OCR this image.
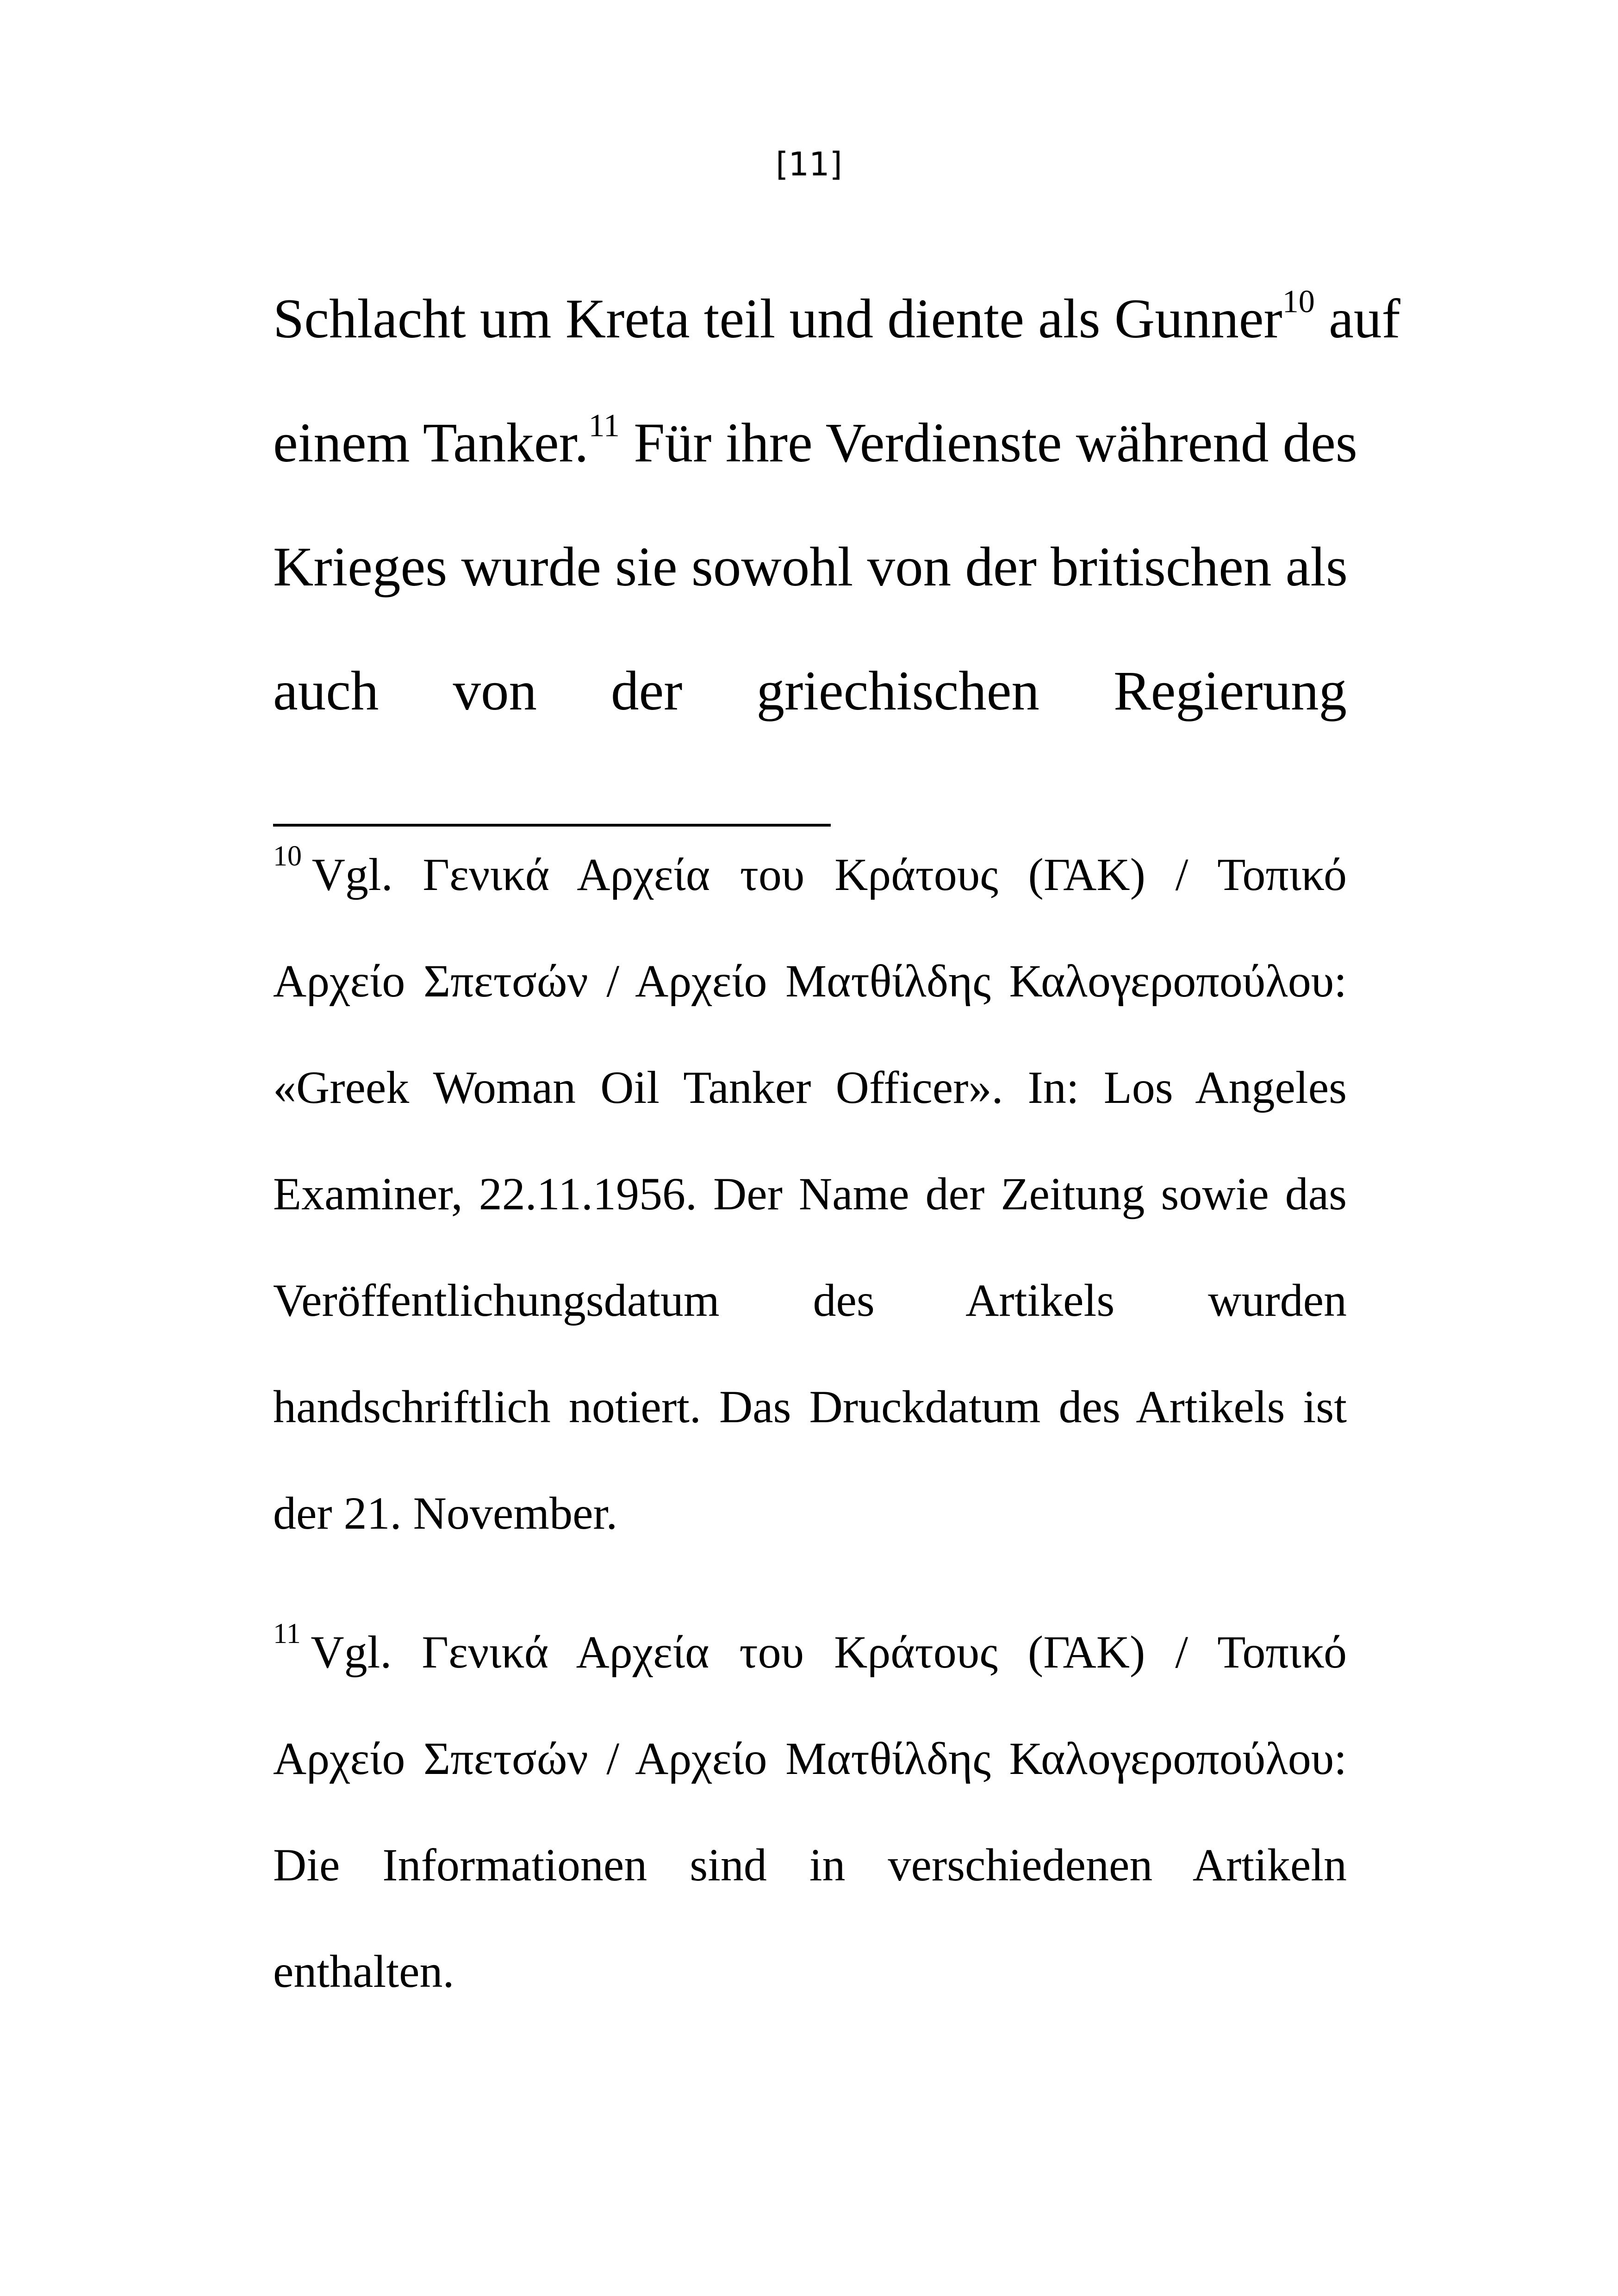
[11]
Schlacht um Kreta teil und diente als Gunner$^{10}$ auf
einem Tanker.$^{11}$ Für ihre Verdienste während des
Krieges wurde sie sowohl von der britischen als
auch von der griechischen Regierung
$^{10}$ Vgl. Γενικά Αρχεία του Κράτους (ΓΑΚ) / Τοπικό
Αρχείο Σπετσών / Αρχείο Ματθίλδης Καλογεροπούλου:
«Greek Woman Oil Tanker Officer». In: Los Angeles
Examiner, 22.11.1956. Der Name der Zeitung sowie das
Veröffentlichungsdatum des Artikels wurden
handschriftlich notiert. Das Druckdatum des Artikels ist
der 21. November.
$^{11}$ Vgl. Γενικά Αρχεία του Κράτους (ΓΑΚ) / Τοπικό
Αρχείο Σπετσών / Αρχείο Ματθίλδης Καλογεροπούλου:
Die Informationen sind in verschiedenen Artikeln
enthalten.
